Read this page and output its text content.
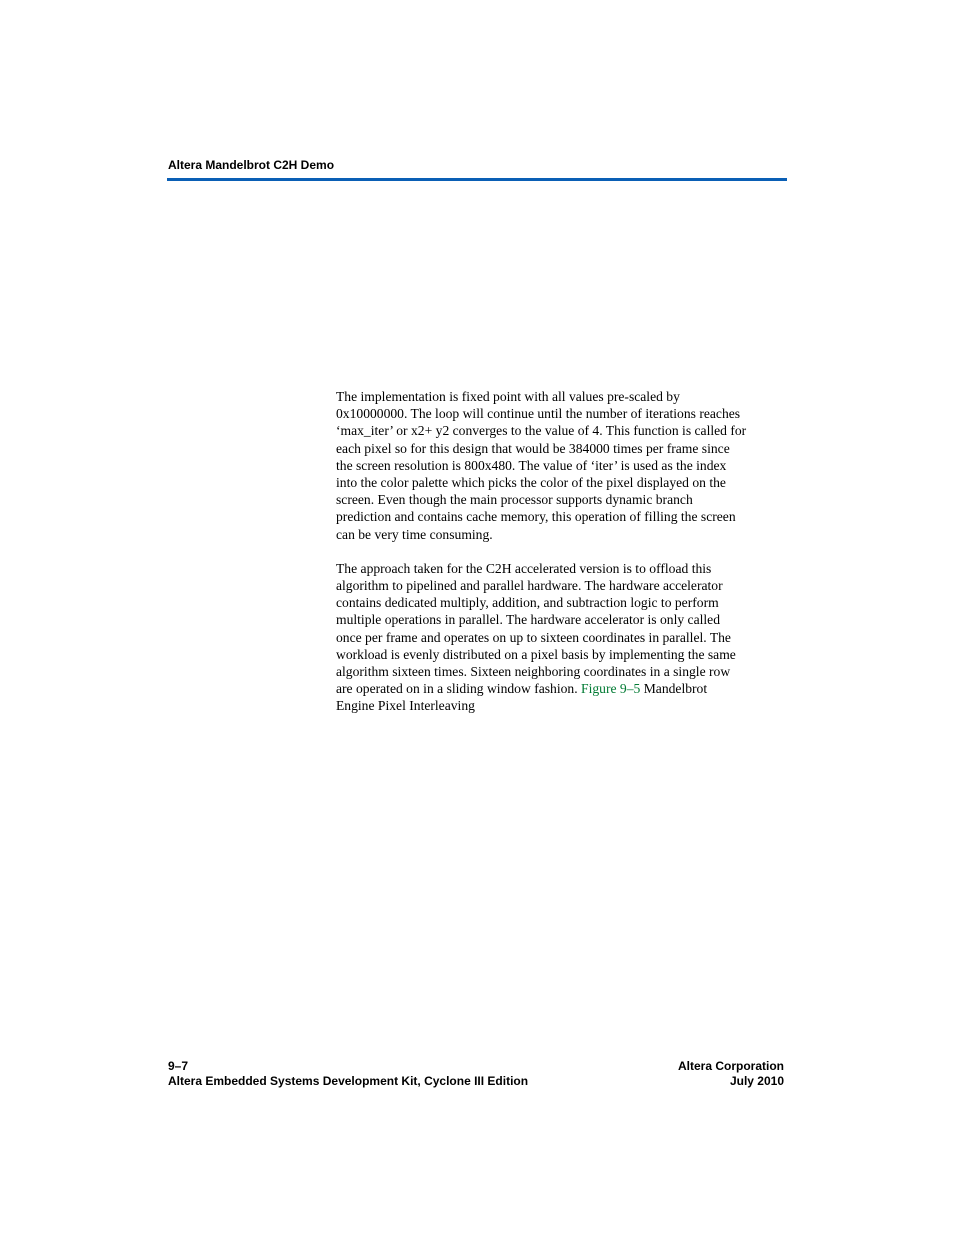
Altera Mandelbrot C2H Demo
The implementation is fixed point with all values pre-scaled by
0x10000000. The loop will continue until the number of iterations reaches
‘max_iter’ or x2+ y2 converges to the value of 4. This function is called for
each pixel so for this design that would be 384000 times per frame since
the screen resolution is 800x480. The value of ‘iter’ is used as the index
into the color palette which picks the color of the pixel displayed on the
screen. Even though the main processor supports dynamic branch
prediction and contains cache memory, this operation of filling the screen
can be very time consuming.
The approach taken for the C2H accelerated version is to offload this
algorithm to pipelined and parallel hardware. The hardware accelerator
contains dedicated multiply, addition, and subtraction logic to perform
multiple operations in parallel. The hardware accelerator is only called
once per frame and operates on up to sixteen coordinates in parallel. The
workload is evenly distributed on a pixel basis by implementing the same
algorithm sixteen times. Sixteen neighboring coordinates in a single row
are operated on in a sliding window fashion. Figure 9–5 Mandelbrot
Engine Pixel Interleaving
9–7
Altera Embedded Systems Development Kit, Cyclone III Edition
Altera Corporation
July 2010
